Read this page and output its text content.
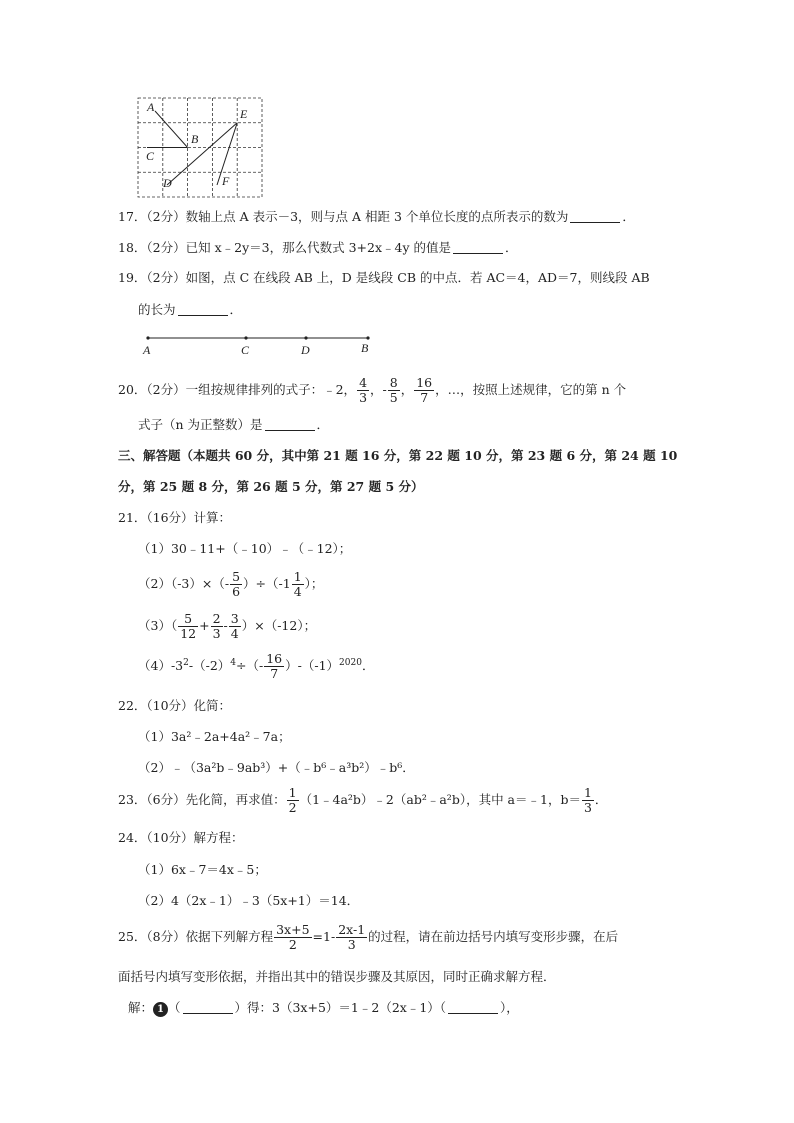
A
B
C
D
E
F
17．（2分）数轴上点 A 表示－3，则与点 A 相距 3 个单位长度的点所表示的数为	．
18．（2分）已知 x﹣2y＝3，那么代数式 3+2x﹣4y 的值是	．
19．（2分）如图，点 C 在线段 AB 上，D 是线段 CB 的中点．若 AC＝4，AD＝7，则线段 AB
的长为	．
A	C	D	B
20．（2分）一组按规律排列的式子：﹣2， $\frac{4}{3}$ ，- $\frac{8}{5}$ ， $\frac{16}{7}$ ，…，按照上述规律，它的第 n 个
式子（n 为正整数）是	．
三、解答题（本题共 60 分，其中第 21 题 16 分，第 22 题 10 分，第 23 题 6 分，第 24 题 10
分，第 25 题 8 分，第 26 题 5 分，第 27 题 5 分）
21．（16分）计算：
（1）30﹣11+（﹣10）﹣（﹣12）；
$(2)(-3)\times(- \frac{5}{6} )\div(-1 \frac{1}{4}$ ）；
$(3)( \frac{5}{12} + \frac{2}{3} - \frac{3}{4} )\times(-12)$；
$(4)-3^2-(-2)^4\div(- \frac{16}{7} )-(-1)^{2020}$．
22．（10分）化简：
（1）3a²﹣2a+4a²﹣7a；
（2）﹣（3a²b﹣9ab³）+（﹣b⁶﹣a³b²）﹣b⁶．
23．（6分）先化简，再求值： $\frac{1}{2}$ （1﹣4a²b）﹣2（ab²﹣a²b），其中 a＝﹣1，$b= \frac{1}{3}$ ．
24．（10分）解方程：
（1）6x﹣7＝4x﹣5；
（2）4（2x﹣1）﹣3（5x+1）＝14．
25．（8分）依据下列解方程 $\frac{3x+5}{2} =1- \frac{2x-1}{3}$ 的过程，请在前边括号内填写变形步骤，在后
面括号内填写变形依据，并指出其中的错误步骤及其原因，同时正确求解方程．
解： 1 （	）得：3（3x+5）＝1﹣2（2x﹣1）（	），
